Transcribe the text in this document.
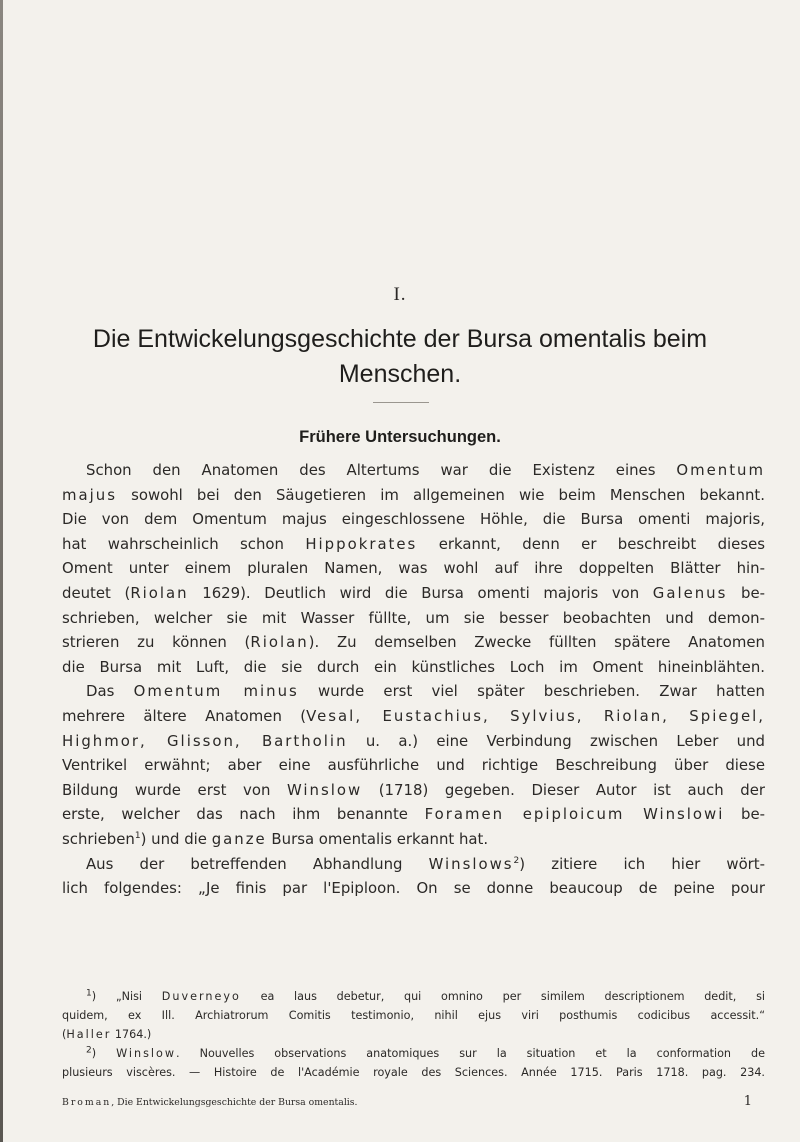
I.
Die Entwickelungsgeschichte der Bursa omentalis beim
Menschen.
Frühere Untersuchungen.
Schon den Anatomen des Altertums war die Existenz eines Omentum
majus sowohl bei den Säugetieren im allgemeinen wie beim Menschen bekannt.
Die von dem Omentum majus eingeschlossene Höhle, die Bursa omenti majoris,
hat wahrscheinlich schon Hippokrates erkannt, denn er beschreibt dieses
Oment unter einem pluralen Namen, was wohl auf ihre doppelten Blätter hin-
deutet (Riolan 1629). Deutlich wird die Bursa omenti majoris von Galenus be-
schrieben, welcher sie mit Wasser füllte, um sie besser beobachten und demon-
strieren zu können (Riolan). Zu demselben Zwecke füllten spätere Anatomen
die Bursa mit Luft, die sie durch ein künstliches Loch im Oment hineinblähten.
Das Omentum minus wurde erst viel später beschrieben. Zwar hatten
mehrere ältere Anatomen (Vesal, Eustachius, Sylvius, Riolan, Spiegel,
Highmor, Glisson, Bartholin u. a.) eine Verbindung zwischen Leber und
Ventrikel erwähnt; aber eine ausführliche und richtige Beschreibung über diese
Bildung wurde erst von Winslow (1718) gegeben. Dieser Autor ist auch der
erste, welcher das nach ihm benannte Foramen epiploicum Winslowi be-
schrieben$^1$) und die ganze Bursa omentalis erkannt hat.
Aus der betreffenden Abhandlung Winslows$^2$) zitiere ich hier wört-
lich folgendes: „Je finis par l'Epiploon. On se donne beaucoup de peine pour
$^1$) „Nisi Duverneyo ea laus debetur, qui omnino per similem descriptionem dedit, si
quidem, ex Ill. Archiatrorum Comitis testimonio, nihil ejus viri posthumis codicibus accessit.“
(Haller 1764.)
$^2$) Winslow. Nouvelles observations anatomiques sur la situation et la conformation de
plusieurs viscères. — Histoire de l'Académie royale des Sciences. Année 1715. Paris 1718. pag. 234.
Broman, Die Entwickelungsgeschichte der Bursa omentalis.	1
